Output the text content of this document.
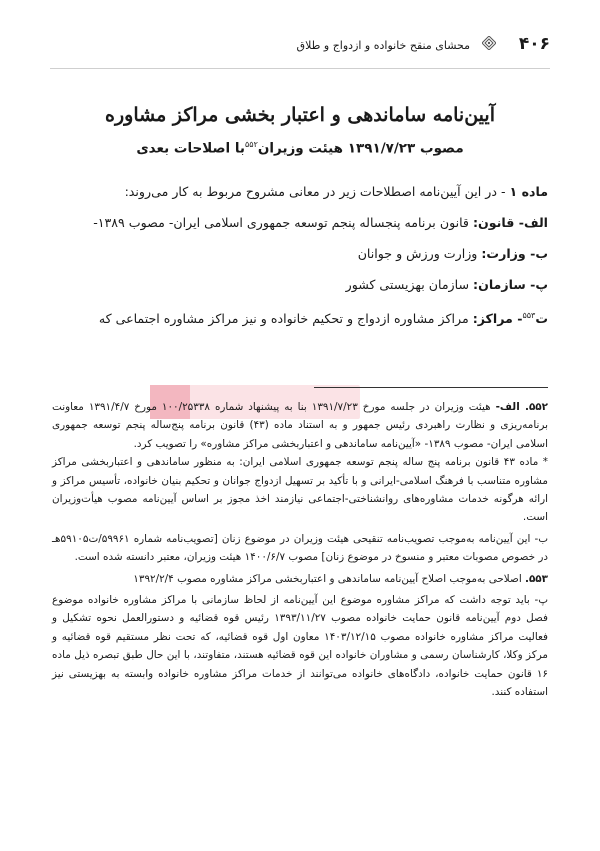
۴۰۶
محشای منقح خانواده و ازدواج و طلاق
آیین‌نامه ساماندهی و اعتبار بخشی مراکز مشاوره
مصوب ۱۳۹۱/۷/۲۳ هیئت وزیران$^{۵۵۲}$با اصلاحات بعدی

ماده ۱ - در این آیین‌نامه اصطلاحات زیر در معانی مشروح مربوط به کار می‌روند:

الف- قانون: قانون برنامه پنجساله پنجم توسعه جمهوری اسلامی ایران- مصوب ۱۳۸۹-

ب- وزارت: وزارت ورزش و جوانان

پ- سازمان: سازمان بهزیستی کشور

ت$^{۵۵۳}$- مراکز: مراکز مشاوره ازدواج و تحکیم خانواده و نیز مراکز مشاوره اجتماعی که

۵۵۲. الف- هیئت وزیران در جلسه مورخ ۱۳۹۱/۷/۲۳ بنا به پیشنهاد شماره ۱۰۰/۲۵۳۳۸ مورخ ۱۳۹۱/۴/۷ معاونت برنامه‌ریزی و نظارت راهبردی رئیس جمهور و به استناد ماده (۴۳) قانون برنامه پنج‌ساله پنجم توسعه جمهوری اسلامی ایران- مصوب ۱۳۸۹- «آیین‌نامه ساماندهی و اعتباربخشی مراکز مشاوره» را تصویب کرد.

* ماده ۴۳ قانون برنامه پنج ساله پنجم توسعه جمهوری اسلامی ایران: به منظور ساماندهی و اعتباربخشی مراکز مشاوره متناسب با فرهنگ اسلامی-ایرانی و با تأکید بر تسهیل ازدواج جوانان و تحکیم بنیان خانواده، تأسیس مراکز و ارائه هرگونه خدمات مشاوره‌های روانشناختی-اجتماعی نیازمند اخذ مجوز بر اساس آیین‌نامه مصوب هیأت‌وزیران است.

ب- این آیین‌نامه به‌موجب تصویب‌نامه تنقیحی هیئت وزیران در موضوع زنان [تصویب‌نامه شماره ۵۹۹۶۱/ت۵۹۱۰۵هـ در خصوص مصوبات معتبر و منسوخ در موضوع زنان] مصوب ۱۴۰۰/۶/۷ هیئت وزیران، معتبر دانسته شده است.

۵۵۳. اصلاحی به‌موجب اصلاح آیین‌نامه ساماندهی و اعتباربخشی مراکز مشاوره مصوب ۱۳۹۲/۲/۴

پ- باید توجه داشت که مراکز مشاوره موضوع این آیین‌نامه از لحاظ سازمانی با مراکز مشاوره خانواده موضوع فصل دوم آیین‌نامه قانون حمایت خانواده مصوب ۱۳۹۳/۱۱/۲۷ رئیس قوه قضائیه و دستورالعمل نحوه تشکیل و فعالیت مراکز مشاوره خانواده مصوب ۱۴۰۳/۱۲/۱۵ معاون اول قوه قضائیه، که تحت نظر مستقیم قوه قضائیه و مرکز وکلا، کارشناسان رسمی و مشاوران خانواده این قوه قضائیه هستند، متفاوتند، با این حال طبق تبصره ذیل ماده ۱۶ قانون حمایت خانواده، دادگاه‌های خانواده می‌توانند از خدمات مراکز مشاوره خانواده وابسته به بهزیستی نیز استفاده کنند.
